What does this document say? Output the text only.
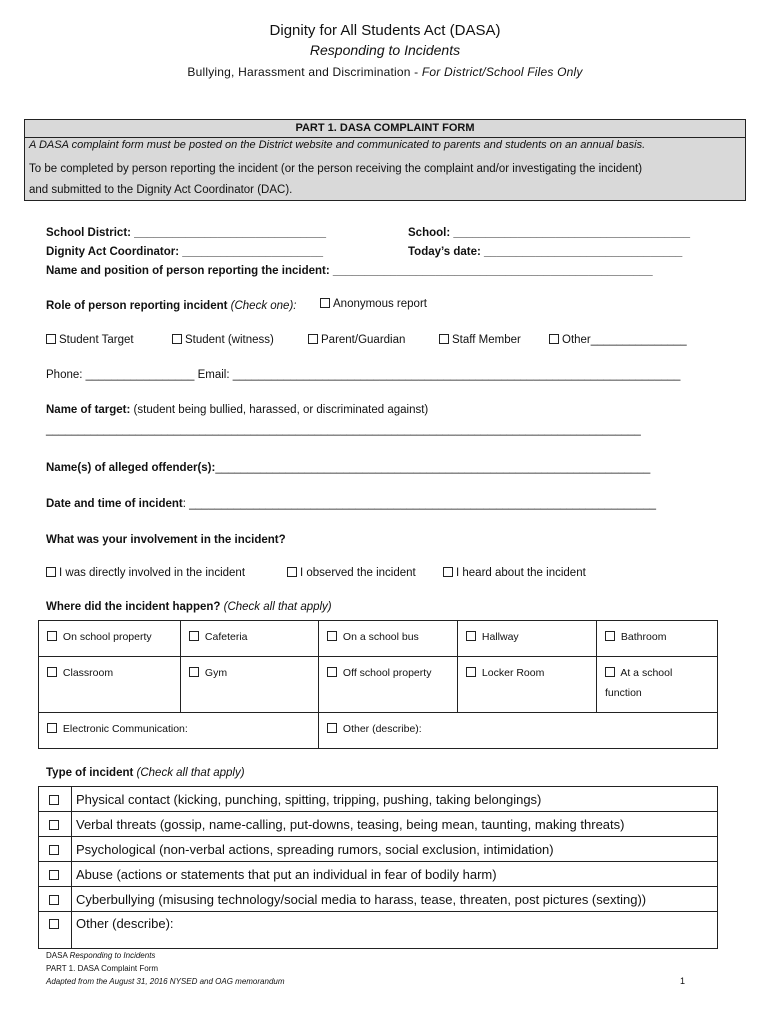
Dignity for All Students Act (DASA)
Responding to Incidents
Bullying, Harassment and Discrimination - For District/School Files Only
PART 1. DASA COMPLAINT FORM
A DASA complaint form must be posted on the District website and communicated to parents and students on an annual basis.
To be completed by person reporting the incident (or the person receiving the complaint and/or investigating the incident)
and submitted to the Dignity Act Coordinator (DAC).
School District: ______________________________	School: _____________________________________
Dignity Act Coordinator: ______________________	Today’s date: _______________________________
Name and position of person reporting the incident: __________________________________________________
Role of person reporting incident (Check one):	Anonymous report
Student Target	Student (witness)	Parent/Guardian	Staff Member	Other_______________
Phone: _________________ Email: ______________________________________________________________________
Name of target: (student being bullied, harassed, or discriminated against)
_____________________________________________________________________________________________
Name(s) of alleged offender(s):____________________________________________________________________
Date and time of incident: _________________________________________________________________________
What was your involvement in the incident?
I was directly involved in the incident	I observed the incident	I heard about the incident
Where did the incident happen? (Check all that apply)
On school property	Cafeteria	On a school bus	Hallway	Bathroom
Classroom	Gym	Off school property	Locker Room	At a school function
Electronic Communication:		Other (describe):		
Type of incident (Check all that apply)
	Physical contact (kicking, punching, spitting, tripping, pushing, taking belongings)
	Verbal threats (gossip, name-calling, put-downs, teasing, being mean, taunting, making threats)
	Psychological (non-verbal actions, spreading rumors, social exclusion, intimidation)
	Abuse (actions or statements that put an individual in fear of bodily harm)
	Cyberbullying (misusing technology/social media to harass, tease, threaten, post pictures (sexting))
	Other (describe):
DASA Responding to Incidents
PART 1. DASA Complaint Form
Adapted from the August 31, 2016 NYSED and OAG memorandum	1
